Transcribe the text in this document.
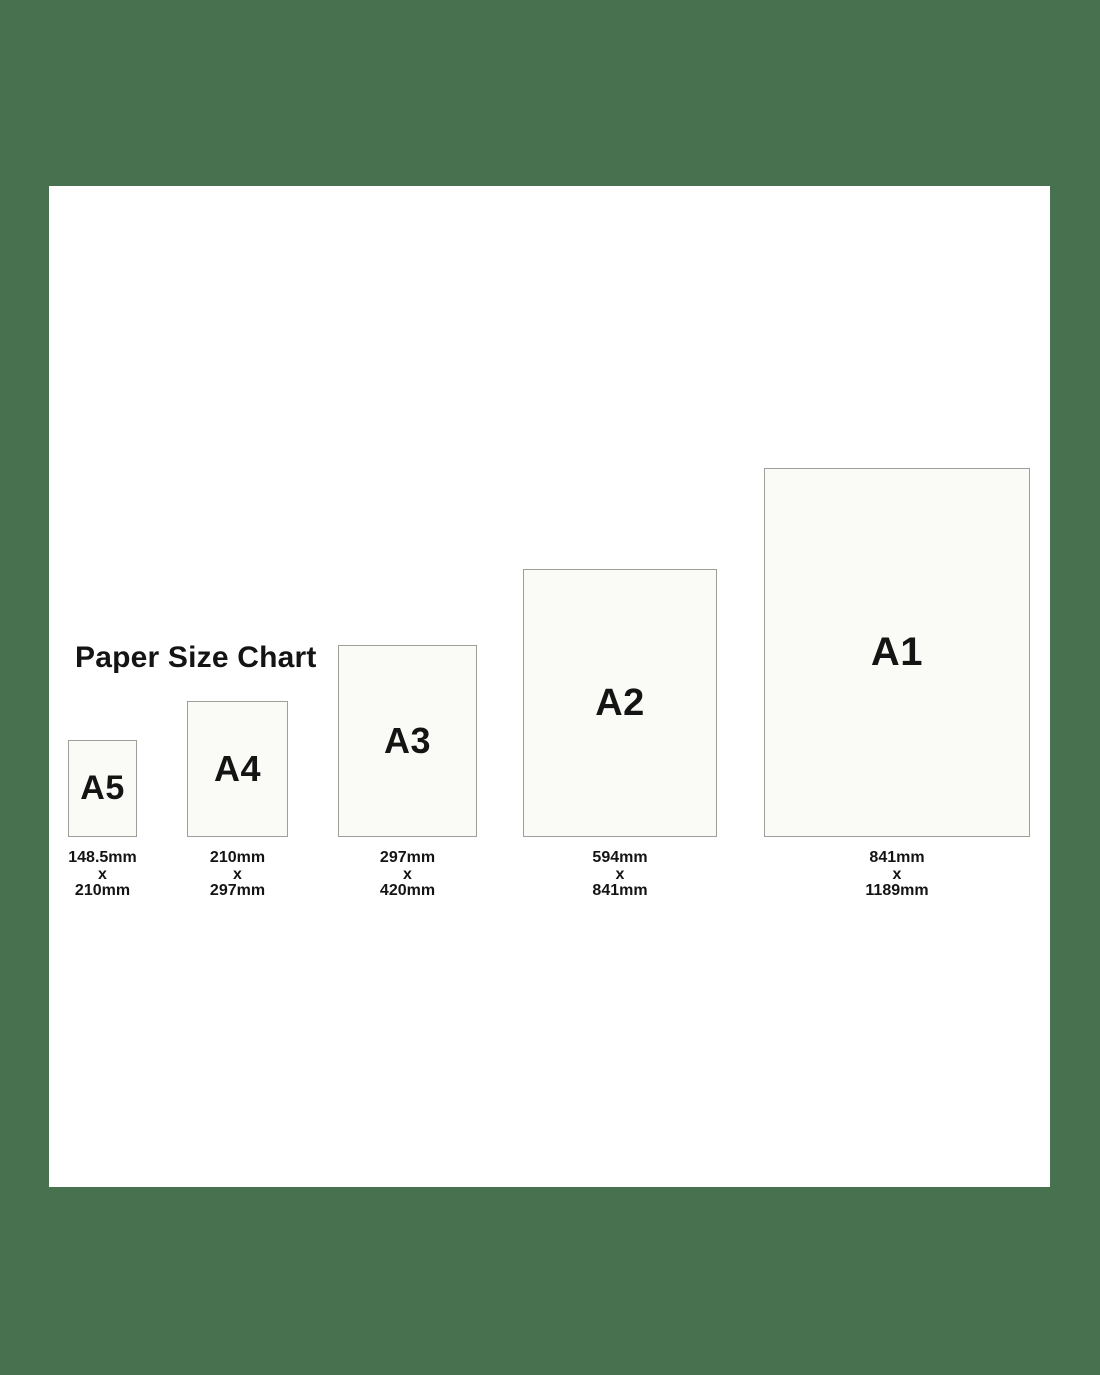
Paper Size Chart
A5
148.5mm
x
210mm
A4
210mm
x
297mm
A3
297mm
x
420mm
A2
594mm
x
841mm
A1
841mm
x
1189mm
